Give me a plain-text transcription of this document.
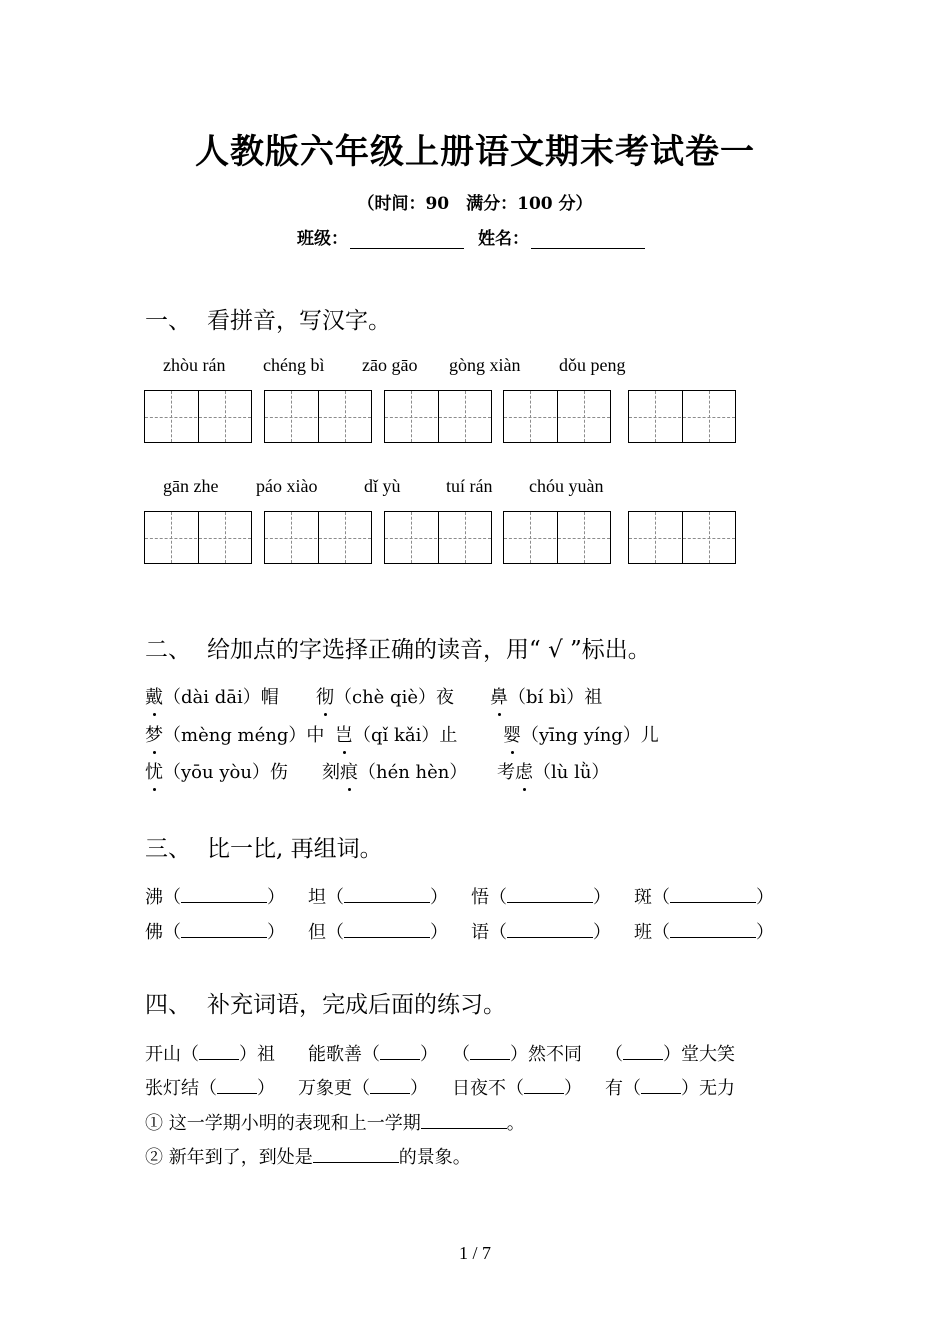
人教版六年级上册语文期末考试卷一
（时间：90　满分：100 分）
班级：	姓名：
一、 看拼音，写汉字。
zhòu rán chéng bì zāo gāo gòng xiàn dǒu peng
gān zhe páo xiào	dǐ yù	tuí rán chóu yuàn
二、 给加点的字选择正确的读音，用“ √ ”标出。
戴（dài dāi）帽 彻（chè qiè）夜 鼻（bí bì）祖
梦（mèng méng）中 岂（qǐ kǎi）止	婴（yīng yíng）儿
忧（yōu yòu）伤 刻痕（hén hèn） 考虑（lù lǜ）
三、 比一比, 再组词。
沸（	） 坦（	） 悟（	） 斑（	）
佛（	） 但（	） 语（	） 班（	）
四、 补充词语，完成后面的练习。
开山（ ）祖 能歌善（ ） （ ）然不同 （ ）堂大笑
张灯结（ ） 万象更（ ） 日夜不（ ） 有（ ）无力
① 这一学期小明的表现和上一学期	。
② 新年到了，到处是	的景象。
1 / 7
